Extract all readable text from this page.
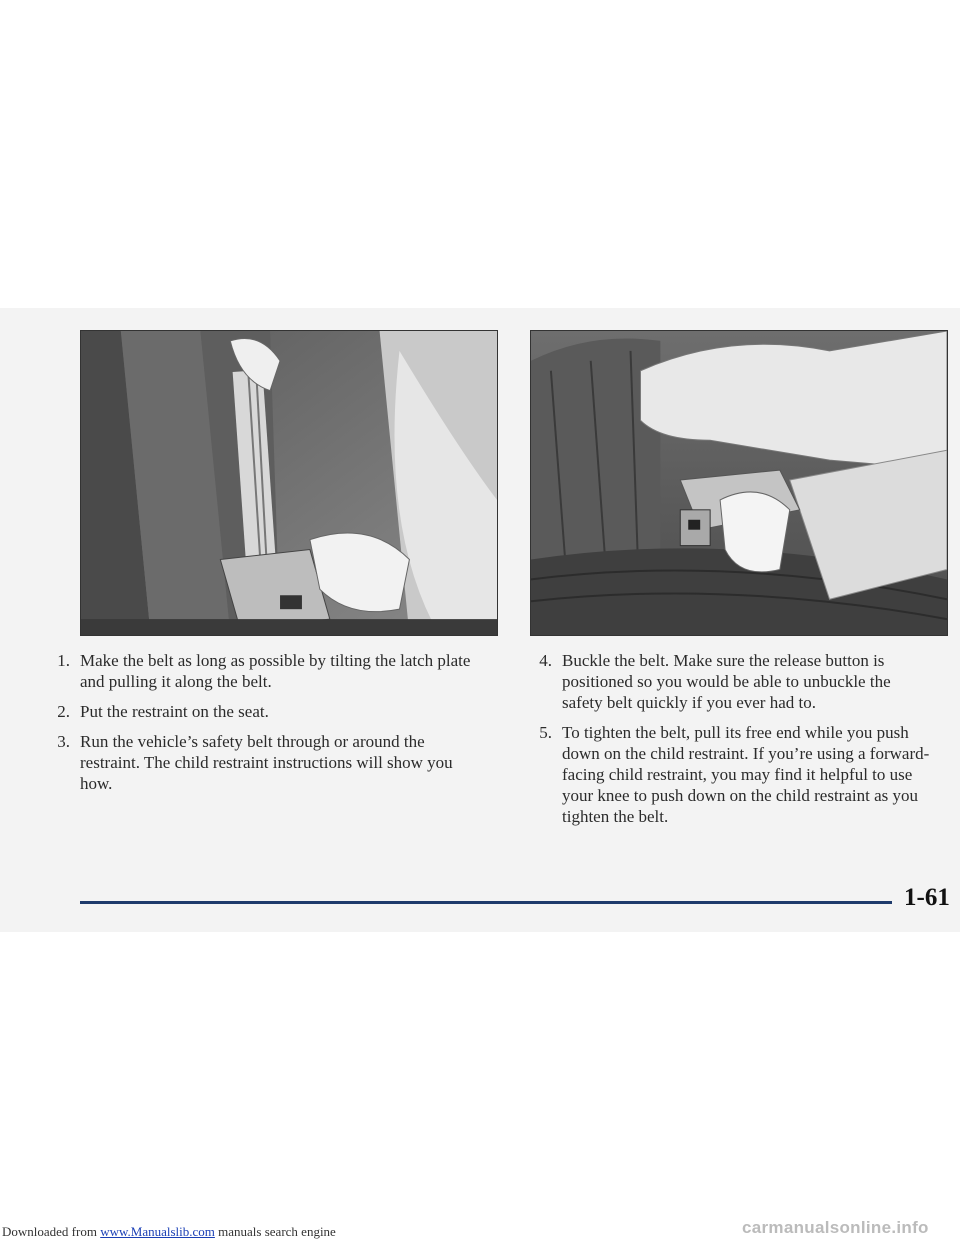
1. Make the belt as long as possible by tilting the latch plate and pulling it along the belt.
2. Put the restraint on the seat.
3. Run the vehicle’s safety belt through or around the restraint. The child restraint instructions will show you how.
4. Buckle the belt. Make sure the release button is positioned so you would be able to unbuckle the safety belt quickly if you ever had to.
5. To tighten the belt, pull its free end while you push down on the child restraint. If you’re using a forward-facing child restraint, you may find it helpful to use your knee to push down on the child restraint as you tighten the belt.
1-61
Downloaded from www.Manualslib.com manuals search engine	carmanualsonline.info
